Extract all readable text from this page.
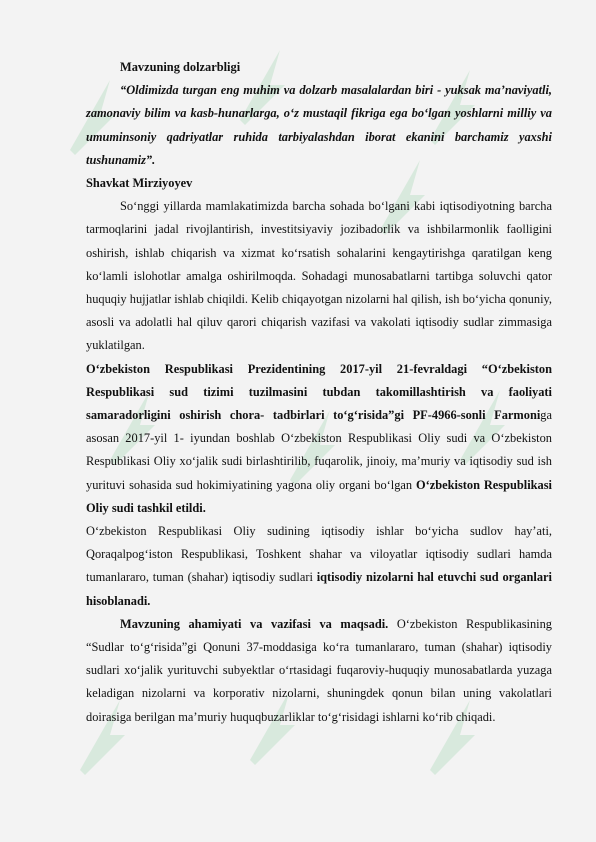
Mavzuning dolzarbligi

“Oldimizda turgan eng muhim va dolzarb masalalardan biri - yuksak ma’naviyatli, zamonaviy bilim va kasb-hunarlarga, o‘z mustaqil fikriga ega bo‘lgan yoshlarni milliy va umuminsoniy qadriyatlar ruhida tarbiyalashdan iborat ekanini barchamiz yaxshi tushunamiz”.

Shavkat Mirziyoyev

So‘nggi yillarda mamlakatimizda barcha sohada bo‘lgani kabi iqtisodiyotning barcha tarmoqlarini jadal rivojlantirish, investitsiyaviy jozibadorlik va ishbilarmonlik faolligini oshirish, ishlab chiqarish va xizmat ko‘rsatish sohalarini kengaytirishga qaratilgan keng ko‘lamli islohotlar amalga oshirilmoqda. Sohadagi munosabatlarni tartibga soluvchi qator huquqiy hujjatlar ishlab chiqildi. Kelib chiqayotgan nizolarni hal qilish, ish bo‘yicha qonuniy, asosli va adolatli hal qiluv qarori chiqarish vazifasi va vakolati iqtisodiy sudlar zimmasiga yuklatilgan.

O‘zbekiston Respublikasi Prezidentining 2017-yil 21-fevraldagi “O‘zbekiston Respublikasi sud tizimi tuzilmasini tubdan takomillashtirish va faoliyati samaradorligini oshirish chora- tadbirlari to‘g‘risida”gi PF-4966-sonli Farmoniga asosan 2017-yil 1- iyundan boshlab O‘zbekiston Respublikasi Oliy sudi va O‘zbekiston Respublikasi Oliy xo‘jalik sudi birlashtirilib, fuqarolik, jinoiy, ma’muriy va iqtisodiy sud ish yurituvi sohasida sud hokimiyatining yagona oliy organi bo‘lgan O‘zbekiston Respublikasi Oliy sudi tashkil etildi.

O‘zbekiston Respublikasi Oliy sudining iqtisodiy ishlar bo‘yicha sudlov hay’ati, Qoraqalpog‘iston Respublikasi, Toshkent shahar va viloyatlar iqtisodiy sudlari hamda tumanlararo, tuman (shahar) iqtisodiy sudlari iqtisodiy nizolarni hal etuvchi sud organlari hisoblanadi.

Mavzuning ahamiyati va vazifasi va maqsadi. O‘zbekiston Respublikasining “Sudlar to‘g‘risida”gi Qonuni 37-moddasiga ko‘ra tumanlararo, tuman (shahar) iqtisodiy sudlari xo‘jalik yurituvchi subyektlar o‘rtasidagi fuqaroviy-huquqiy munosabatlarda yuzaga keladigan nizolarni va korporativ nizolarni, shuningdek qonun bilan uning vakolatlari doirasiga berilgan ma’muriy huquqbuzarliklar to‘g‘risidagi ishlarni ko‘rib chiqadi.
